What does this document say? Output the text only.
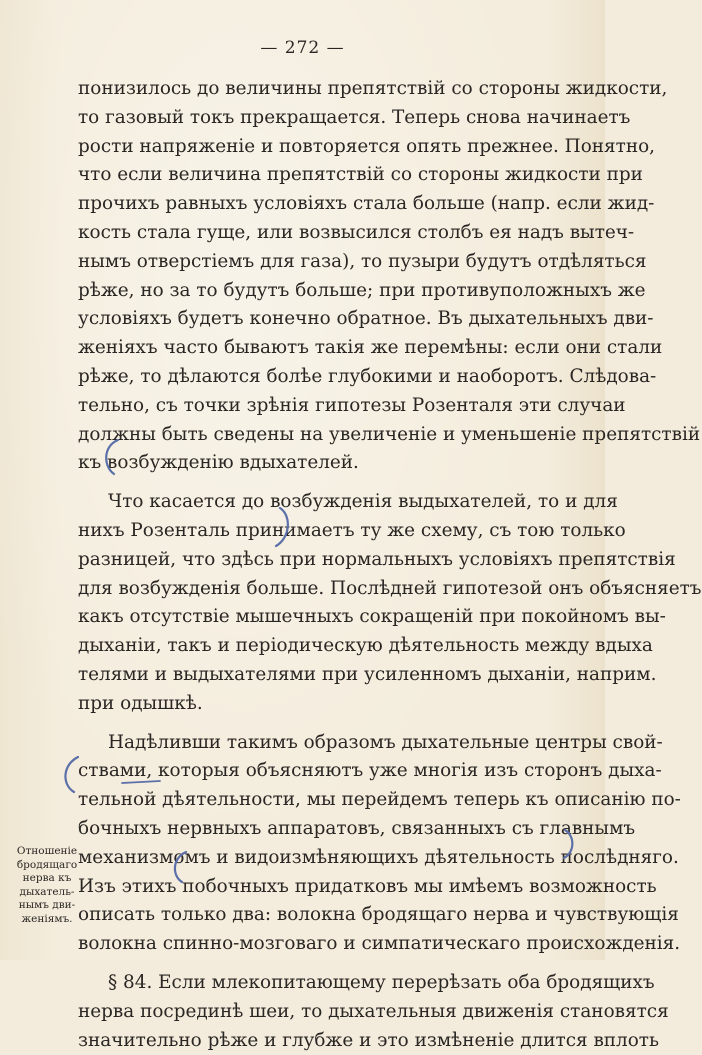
— 272 —
понизилось до величины препятствій со стороны жидкости,
то газовый токъ прекращается. Теперь снова начинаетъ
рости напряженіе и повторяется опять прежнее. Понятно,
что если величина препятствій со стороны жидкости при
прочихъ равныхъ условіяхъ стала больше (напр. если жид-
кость стала гуще, или возвысился столбъ ея надъ вытеч-
нымъ отверстіемъ для газа), то пузыри будутъ отдѣляться
рѣже, но за то будутъ больше; при противуположныхъ же
условіяхъ будетъ конечно обратное. Въ дыхательныхъ дви-
женіяхъ часто бываютъ такія же перемѣны: если они стали
рѣже, то дѣлаются болѣе глубокими и наоборотъ. Слѣдова-
тельно, съ точки зрѣнія гипотезы Розенталя эти случаи
должны быть сведены на увеличеніе и уменьшеніе препятствій
къ возбужденію вдыхателей.
Что касается до возбужденія выдыхателей, то и для
нихъ Розенталь принимаетъ ту же схему, съ тою только
разницей, что здѣсь при нормальныхъ условіяхъ препятствія
для возбужденія больше. Послѣдней гипотезой онъ объясняетъ
какъ отсутствіе мышечныхъ сокращеній при покойномъ вы-
дыханіи, такъ и періодическую дѣятельность между вдыха
телями и выдыхателями при усиленномъ дыханіи, наприм.
при одышкѣ.
Надѣливши такимъ образомъ дыхательные центры свой-
ствами, которыя объясняютъ уже многія изъ сторонъ дыха-
тельной дѣятельности, мы перейдемъ теперь къ описанію по-
бочныхъ нервныхъ аппаратовъ, связанныхъ съ главнымъ
механизмомъ и видоизмѣняющихъ дѣятельность послѣдняго.
Изъ этихъ побочныхъ придатковъ мы имѣемъ возможность
описать только два: волокна бродящаго нерва и чувствующія
волокна спинно-мозговаго и симпатическаго происхожденія.
§ 84. Если млекопитающему перерѣзать оба бродящихъ
нерва посрединѣ шеи, то дыхательныя движенія становятся
значительно рѣже и глубже и это измѣненіе длится вплоть
Отношеніе
бродящаго
нерва къ
дыхатель-
нымъ дви-
женіямъ.
